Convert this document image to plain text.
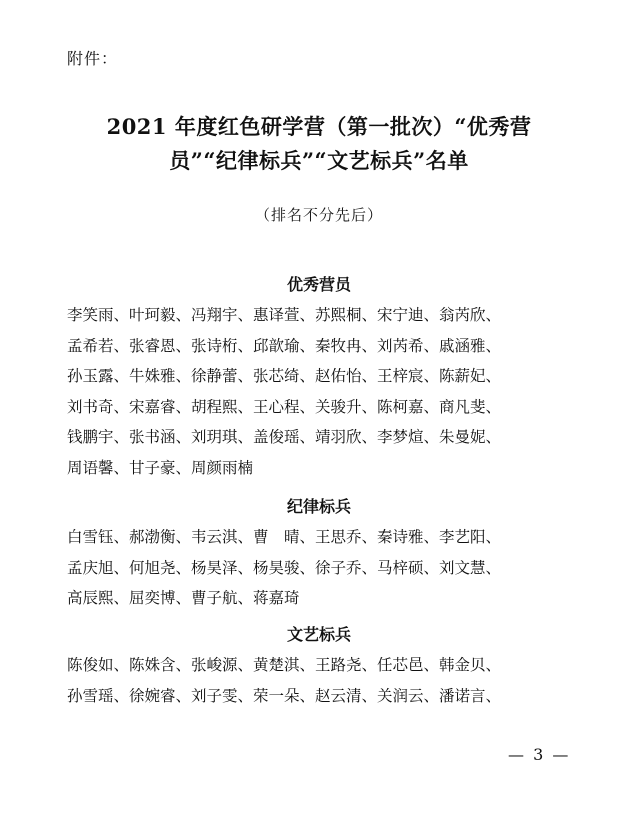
附件：
2021 年度红色研学营（第一批次）“优秀营
员”“纪律标兵”“文艺标兵”名单
（排名不分先后）
优秀营员
李笑雨、叶珂毅、冯翔宇、惠译萱、苏熙桐、宋宁迪、翁芮欣、
孟希若、张睿恩、张诗桁、邱歆瑜、秦牧冉、刘芮希、戚涵雅、
孙玉露、牛姝雅、徐静蕾、张芯绮、赵佑怡、王梓宸、陈薪妃、
刘书奇、宋嘉睿、胡程熙、王心程、关骏升、陈柯嘉、商凡斐、
钱鹏宇、张书涵、刘玥琪、盖俊瑶、靖羽欣、李梦煊、朱曼妮、
周语馨、甘子豪、周颜雨楠
纪律标兵
白雪钰、郝渤衡、韦云淇、曹　晴、王思乔、秦诗雅、李艺阳、
孟庆旭、何旭尧、杨昊泽、杨昊骏、徐子乔、马梓硕、刘文慧、
高辰熙、屈奕博、曹子航、蒋嘉琦
文艺标兵
陈俊如、陈姝含、张峻源、黄楚淇、王路尧、任芯邑、韩金贝、
孙雪瑶、徐婉睿、刘子雯、荣一朵、赵云清、关润云、潘诺言、
— 3 —
